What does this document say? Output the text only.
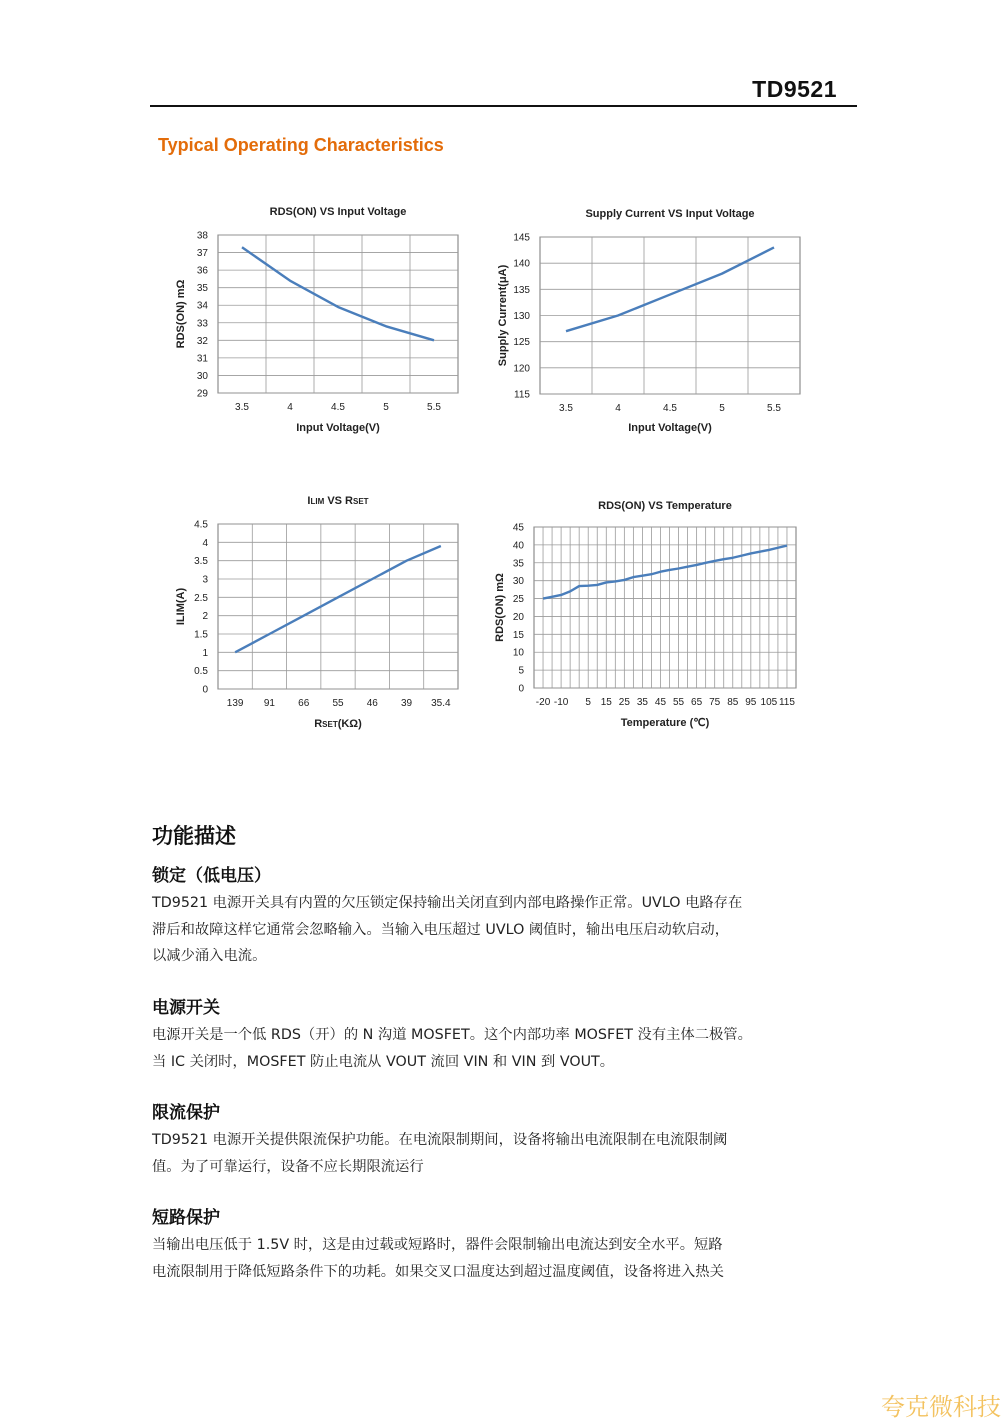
TD9521
Typical Operating Characteristics
29
30
31
32
33
34
35
36
37
38
3.5	4	4.5	5	5.5
RDS(ON) VS Input Voltage
Input Voltage(V)
RDS(ON) mΩ
115
120
125
130
135
140
145
3.5	4	4.5	5	5.5
Supply Current VS Input Voltage
Input Voltage(V)
Supply Current(μA)
0
0.5
1
1.5
2
2.5
3
3.5
4
4.5
139 91 66 55 46 39 35.4
ILIM VS RSET
RSET(KΩ)
ILIM(A)
0
5
10
15
20
25
30
35
40
45
-20 -10 5 15 25 35 45 55 65 75 85 95 105 115
RDS(ON) VS Temperature
Temperature (℃)
RDS(ON) mΩ
功能描述
锁定（低电压）

TD9521 电源开关具有内置的欠压锁定保持输出关闭直到内部电路操作正常。UVLO 电路存在
滞后和故障这样它通常会忽略输入。当输入电压超过 UVLO 阈值时，输出电压启动软启动，
以减少涌入电流。

电源开关

电源开关是一个低 RDS（开）的 N 沟道 MOSFET。这个内部功率 MOSFET 没有主体二极管。
当 IC 关闭时，MOSFET 防止电流从 VOUT 流回 VIN 和 VIN 到 VOUT。

限流保护

TD9521 电源开关提供限流保护功能。在电流限制期间，设备将输出电流限制在电流限制阈
值。为了可靠运行，设备不应长期限流运行

短路保护

当输出电压低于 1.5V 时，这是由过载或短路时，器件会限制输出电流达到安全水平。短路
电流限制用于降低短路条件下的功耗。如果交叉口温度达到超过温度阈值，设备将进入热关

夸克微科技
